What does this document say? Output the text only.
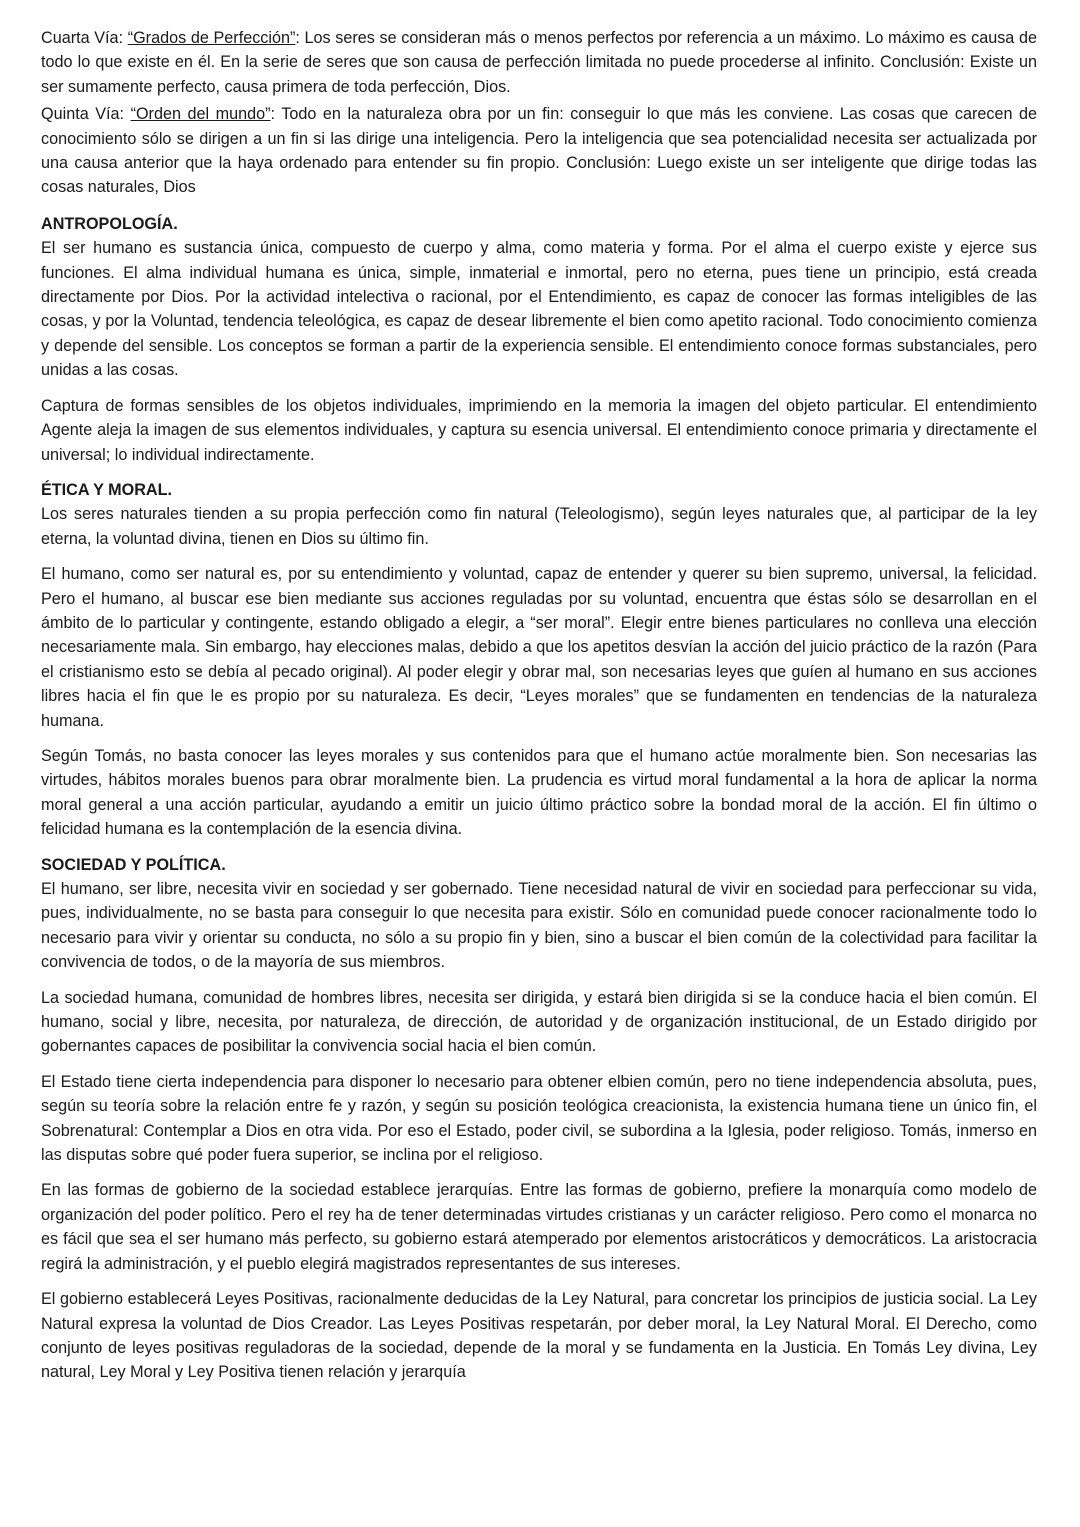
Cuarta Vía: “Grados de Perfección”: Los seres se consideran más o menos perfectos por referencia a un máximo. Lo máximo es causa de todo lo que existe en él. En la serie de seres que son causa de perfección limitada no puede procederse al infinito. Conclusión: Existe un ser sumamente perfecto, causa primera de toda perfección, Dios.

Quinta Vía: “Orden del mundo”: Todo en la naturaleza obra por un fin: conseguir lo que más les conviene. Las cosas que carecen de conocimiento sólo se dirigen a un fin si las dirige una inteligencia. Pero la inteligencia que sea potencialidad necesita ser actualizada por una causa anterior que la haya ordenado para entender su fin propio. Conclusión: Luego existe un ser inteligente que dirige todas las cosas naturales, Dios

ANTROPOLOGÍA.

El ser humano es sustancia única, compuesto de cuerpo y alma, como materia y forma. Por el alma el cuerpo existe y ejerce sus funciones. El alma individual humana es única, simple, inmaterial e inmortal, pero no eterna, pues tiene un principio, está creada directamente por Dios. Por la actividad intelectiva o racional, por el Entendimiento, es capaz de conocer las formas inteligibles de las cosas, y por la Voluntad, tendencia teleológica, es capaz de desear libremente el bien como apetito racional. Todo conocimiento comienza y depende del sensible. Los conceptos se forman a partir de la experiencia sensible. El entendimiento conoce formas substanciales, pero unidas a las cosas.

Captura de formas sensibles de los objetos individuales, imprimiendo en la memoria la imagen del objeto particular. El entendimiento Agente aleja la imagen de sus elementos individuales, y captura su esencia universal. El entendimiento conoce primaria y directamente el universal; lo individual indirectamente.

ÉTICA Y MORAL.

Los seres naturales tienden a su propia perfección como fin natural (Teleologismo), según leyes naturales que, al participar de la ley eterna, la voluntad divina, tienen en Dios su último fin.

El humano, como ser natural es, por su entendimiento y voluntad, capaz de entender y querer su bien supremo, universal, la felicidad. Pero el humano, al buscar ese bien mediante sus acciones reguladas por su voluntad, encuentra que éstas sólo se desarrollan en el ámbito de lo particular y contingente, estando obligado a elegir, a “ser moral”. Elegir entre bienes particulares no conlleva una elección necesariamente mala. Sin embargo, hay elecciones malas, debido a que los apetitos desvían la acción del juicio práctico de la razón (Para el cristianismo esto se debía al pecado original). Al poder elegir y obrar mal, son necesarias leyes que guíen al humano en sus acciones libres hacia el fin que le es propio por su naturaleza. Es decir, “Leyes morales” que se fundamenten en tendencias de la naturaleza humana.

Según Tomás, no basta conocer las leyes morales y sus contenidos para que el humano actúe moralmente bien. Son necesarias las virtudes, hábitos morales buenos para obrar moralmente bien. La prudencia es virtud moral fundamental a la hora de aplicar la norma moral general a una acción particular, ayudando a emitir un juicio último práctico sobre la bondad moral de la acción. El fin último o felicidad humana es la contemplación de la esencia divina.

SOCIEDAD Y POLÍTICA.

El humano, ser libre, necesita vivir en sociedad y ser gobernado. Tiene necesidad natural de vivir en sociedad para perfeccionar su vida, pues, individualmente, no se basta para conseguir lo que necesita para existir. Sólo en comunidad puede conocer racionalmente todo lo necesario para vivir y orientar su conducta, no sólo a su propio fin y bien, sino a buscar el bien común de la colectividad para facilitar la convivencia de todos, o de la mayoría de sus miembros.

La sociedad humana, comunidad de hombres libres, necesita ser dirigida, y estará bien dirigida si se la conduce hacia el bien común. El humano, social y libre, necesita, por naturaleza, de dirección, de autoridad y de organización institucional, de un Estado dirigido por gobernantes capaces de posibilitar la convivencia social hacia el bien común.

El Estado tiene cierta independencia para disponer lo necesario para obtener elbien común, pero no tiene independencia absoluta, pues, según su teoría sobre la relación entre fe y razón, y según su posición teológica creacionista, la existencia humana tiene un único fin, el Sobrenatural: Contemplar a Dios en otra vida. Por eso el Estado, poder civil, se subordina a la Iglesia, poder religioso. Tomás, inmerso en las disputas sobre qué poder fuera superior, se inclina por el religioso.

En las formas de gobierno de la sociedad establece jerarquías. Entre las formas de gobierno, prefiere la monarquía como modelo de organización del poder político. Pero el rey ha de tener determinadas virtudes cristianas y un carácter religioso. Pero como el monarca no es fácil que sea el ser humano más perfecto, su gobierno estará atemperado por elementos aristocráticos y democráticos. La aristocracia regirá la administración, y el pueblo elegirá magistrados representantes de sus intereses.

El gobierno establecerá Leyes Positivas, racionalmente deducidas de la Ley Natural, para concretar los principios de justicia social. La Ley Natural expresa la voluntad de Dios Creador. Las Leyes Positivas respetarán, por deber moral, la Ley Natural Moral. El Derecho, como conjunto de leyes positivas reguladoras de la sociedad, depende de la moral y se fundamenta en la Justicia. En Tomás Ley divina, Ley natural, Ley Moral y Ley Positiva tienen relación y jerarquía
